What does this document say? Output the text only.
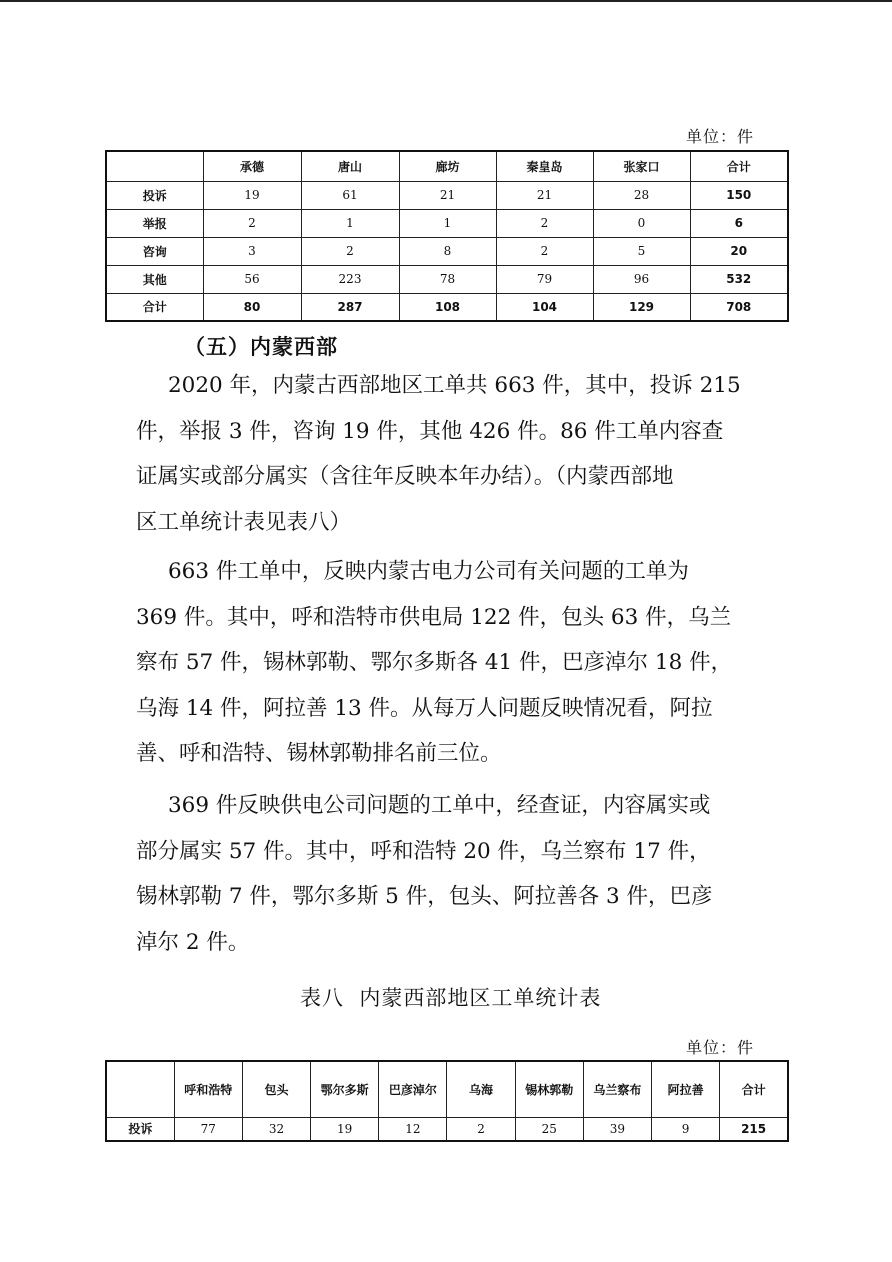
单位：件
	承德	唐山	廊坊	秦皇岛	张家口	合计
投诉	19	61	21	21	28	150
举报	2	1	1	2	0	6
咨询	3	2	8	2	5	20
其他	56	223	78	79	96	532
合计	80	287	108	104	129	708
（五）内蒙西部

2020 年，内蒙古西部地区工单共 663 件，其中，投诉 215
件，举报 3 件，咨询 19 件，其他 426 件。86 件工单内容查
证属实或部分属实（含往年反映本年办结）。（内蒙西部地
区工单统计表见表八）

663 件工单中，反映内蒙古电力公司有关问题的工单为
369 件。其中，呼和浩特市供电局 122 件，包头 63 件，乌兰
察布 57 件，锡林郭勒、鄂尔多斯各 41 件，巴彦淖尔 18 件，
乌海 14 件，阿拉善 13 件。从每万人问题反映情况看，阿拉
善、呼和浩特、锡林郭勒排名前三位。

369 件反映供电公司问题的工单中，经查证，内容属实或
部分属实 57 件。其中，呼和浩特 20 件，乌兰察布 17 件，
锡林郭勒 7 件，鄂尔多斯 5 件，包头、阿拉善各 3 件，巴彦
淖尔 2 件。

表八  内蒙西部地区工单统计表
单位：件
	呼和浩特	包头	鄂尔多斯	巴彦淖尔	乌海	锡林郭勒	乌兰察布	阿拉善	合计
投诉	77	32	19	12	2	25	39	9	215
